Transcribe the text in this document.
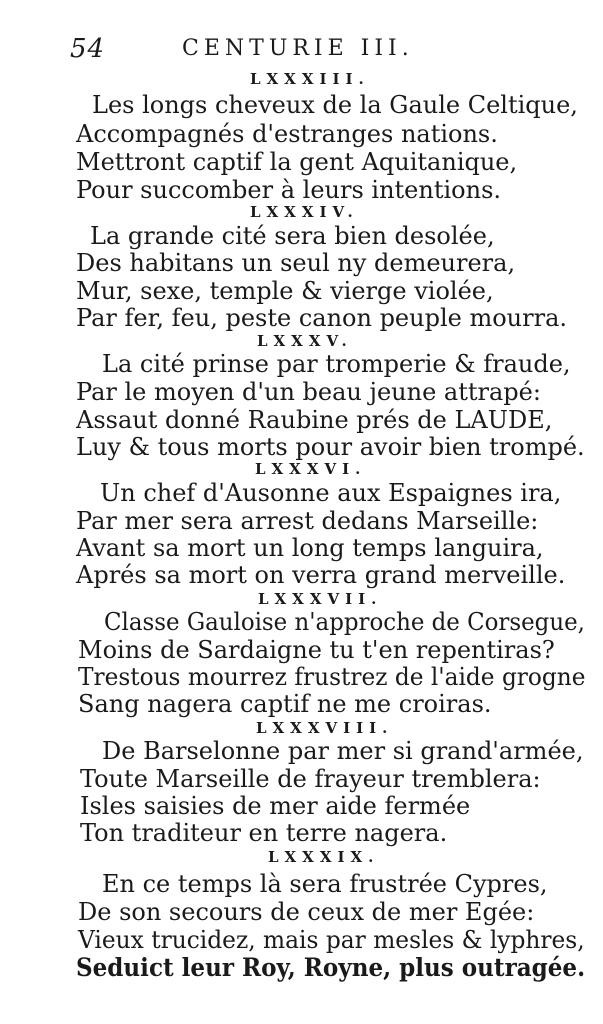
54	CENTURIE III.
LXXXIII.
Les longs cheveux de la Gaule Celtique,
Accompagnés d'estranges nations.
Mettront captif la gent Aquitanique,
Pour succomber à leurs intentions.
LXXXIV.
La grande cité sera bien desolée,
Des habitans un seul ny demeurera,
Mur, sexe, temple & vierge violée,
Par fer, feu, peste canon peuple mourra.
LXXXV.
La cité prinse par tromperie & fraude,
Par le moyen d'un beau jeune attrapé:
Assaut donné Raubine prés de LAUDE,
Luy & tous morts pour avoir bien trompé.
LXXXVI.
Un chef d'Ausonne aux Espaignes ira,
Par mer sera arrest dedans Marseille:
Avant sa mort un long temps languira,
Aprés sa mort on verra grand merveille.
LXXXVII.
Classe Gauloise n'approche de Corsegue,
Moins de Sardaigne tu t'en repentiras?
Trestous mourrez frustrez de l'aide grogne
Sang nagera captif ne me croiras.
LXXXVIII.
De Barselonne par mer si grand'armée,
Toute Marseille de frayeur tremblera:
Isles saisies de mer aide fermée
Ton traditeur en terre nagera.
LXXXIX.
En ce temps là sera frustrée Cypres,
De son secours de ceux de mer Egée:
Vieux trucidez, mais par mesles & lyphres,
Seduict leur Roy, Royne, plus outragée.
